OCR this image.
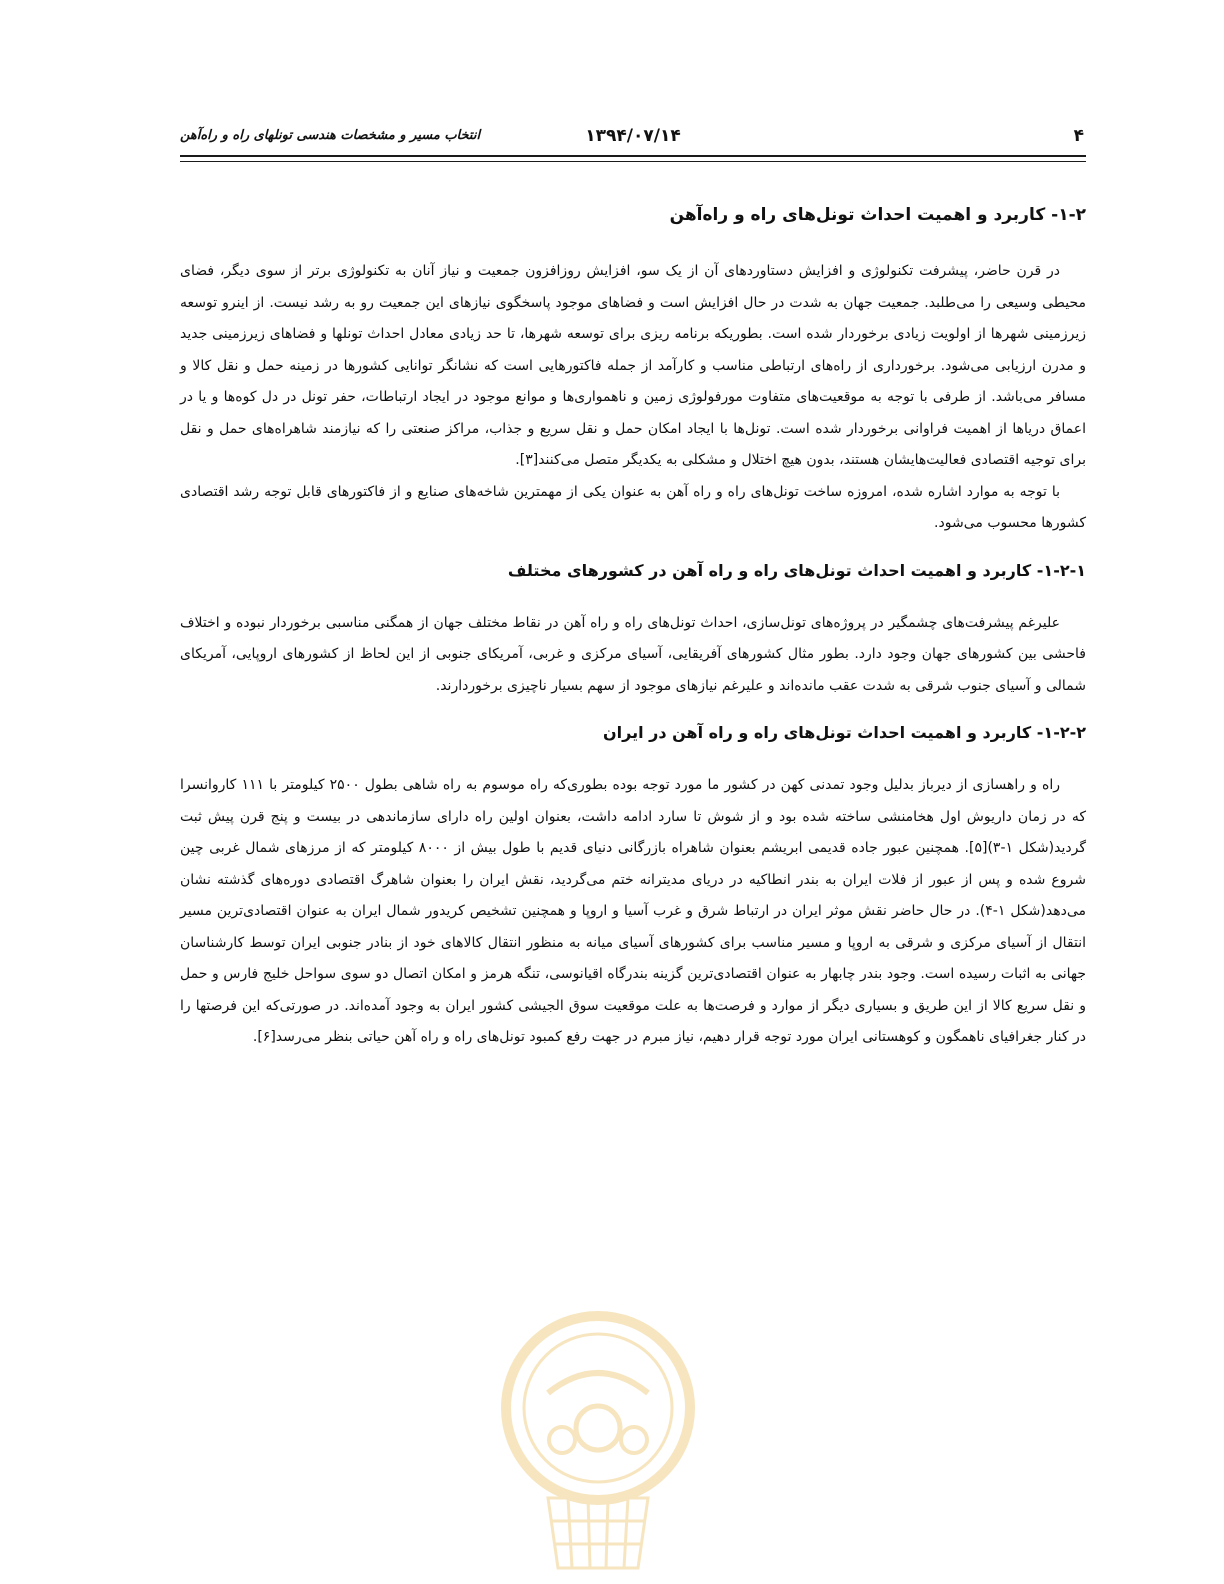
۴
۱۳۹۴/۰۷/۱۴
انتخاب مسیر و مشخصات هندسی تونلهای راه و راه‌آهن
۱-۲- کاربرد و اهمیت احداث تونل‌های راه و راه‌آهن

در قرن حاضر، پیشرفت تکنولوژی و افزایش دستاوردهای آن از یک سو، افزایش روزافزون جمعیت و نیاز آنان به تکنولوژی برتر از سوی دیگر، فضای محیطی وسیعی را می‌طلبد. جمعیت جهان به شدت در حال افزایش است و فضاهای موجود پاسخگوی نیازهای این جمعیت رو به رشد نیست. از اینرو توسعه زیرزمینی شهرها از اولویت زیادی برخوردار شده است. بطوریکه برنامه ریزی برای توسعه شهرها، تا حد زیادی معادل احداث تونلها و فضاهای زیرزمینی جدید و مدرن ارزیابی می‌شود. برخورداری از راه‌های ارتباطی مناسب و کارآمد از جمله فاکتورهایی است که نشانگر توانایی کشورها در زمینه حمل و نقل کالا و مسافر می‌باشد. از طرفی با توجه به موقعیت‌های متفاوت مورفولوژی زمین و ناهمواری‌ها و موانع موجود در ایجاد ارتباطات، حفر تونل در دل کوه‌ها و یا در اعماق دریاها از اهمیت فراوانی برخوردار شده است. تونل‌ها با ایجاد امکان حمل و نقل سریع و جذاب، مراکز صنعتی را که نیازمند شاهراه‌های حمل و نقل برای توجیه اقتصادی فعالیت‌هایشان هستند، بدون هیچ اختلال و مشکلی به یکدیگر متصل می‌کنند[۳].

با توجه به موارد اشاره شده، امروزه ساخت تونل‌های راه و راه آهن به عنوان یکی از مهمترین شاخه‌های صنایع و از فاکتورهای قابل توجه رشد اقتصادی کشورها محسوب می‌شود.

۱-۲-۱- کاربرد و اهمیت احداث تونل‌های راه و راه آهن در کشورهای مختلف

علیرغم پیشرفت‌های چشمگیر در پروژه‌های تونل‌سازی، احداث تونل‌های راه و راه آهن در نقاط مختلف جهان از همگنی مناسبی برخوردار نبوده و اختلاف فاحشی بین کشورهای جهان وجود دارد. بطور مثال کشورهای آفریقایی، آسیای مرکزی و غربی، آمریکای جنوبی از این لحاظ از کشورهای اروپایی، آمریکای شمالی و آسیای جنوب شرقی به شدت عقب مانده‌اند و علیرغم نیازهای موجود از سهم بسیار ناچیزی برخوردارند.

۱-۲-۲- کاربرد و اهمیت احداث تونل‌های راه و راه آهن در ایران

راه و راهسازی از دیرباز بدلیل وجود تمدنی کهن در کشور ما مورد توجه بوده بطوری‌که راه موسوم به راه شاهی بطول ۲۵۰۰ کیلومتر با ۱۱۱ کاروانسرا که در زمان داریوش اول هخامنشی ساخته شده بود و از شوش تا سارد ادامه داشت، بعنوان اولین راه دارای سازماندهی در بیست و پنج قرن پیش ثبت گردید(شکل ۱-۳)[۵]. همچنین عبور جاده قدیمی ابریشم بعنوان شاهراه بازرگانی دنیای قدیم با طول بیش از ۸۰۰۰ کیلومتر که از مرزهای شمال غربی چین شروع شده و پس از عبور از فلات ایران به بندر انطاکیه در دریای مدیترانه ختم می‌گردید، نقش ایران را بعنوان شاهرگ اقتصادی دوره‌های گذشته نشان می‌دهد(شکل ۱-۴). در حال حاضر نقش موثر ایران در ارتباط شرق و غرب آسیا و اروپا و همچنین تشخیص کریدور شمال ایران به عنوان اقتصادی‌ترین مسیر انتقال از آسیای مرکزی و شرقی به اروپا و مسیر مناسب برای کشورهای آسیای میانه به منظور انتقال کالاهای خود از بنادر جنوبی ایران توسط کارشناسان جهانی به اثبات رسیده است. وجود بندر چابهار به عنوان اقتصادی‌ترین گزینه بندرگاه اقیانوسی، تنگه هرمز و امکان اتصال دو سوی سواحل خلیج فارس و حمل و نقل سریع کالا از این طریق و بسیاری دیگر از موارد و فرصت‌ها به علت موقعیت سوق الجیشی کشور ایران به وجود آمده‌اند. در صورتی‌که این فرصتها را در کنار جغرافیای ناهمگون و کوهستانی ایران مورد توجه قرار دهیم، نیاز مبرم در جهت رفع کمبود تونل‌های راه و راه آهن حیاتی بنظر می‌رسد[۶].
